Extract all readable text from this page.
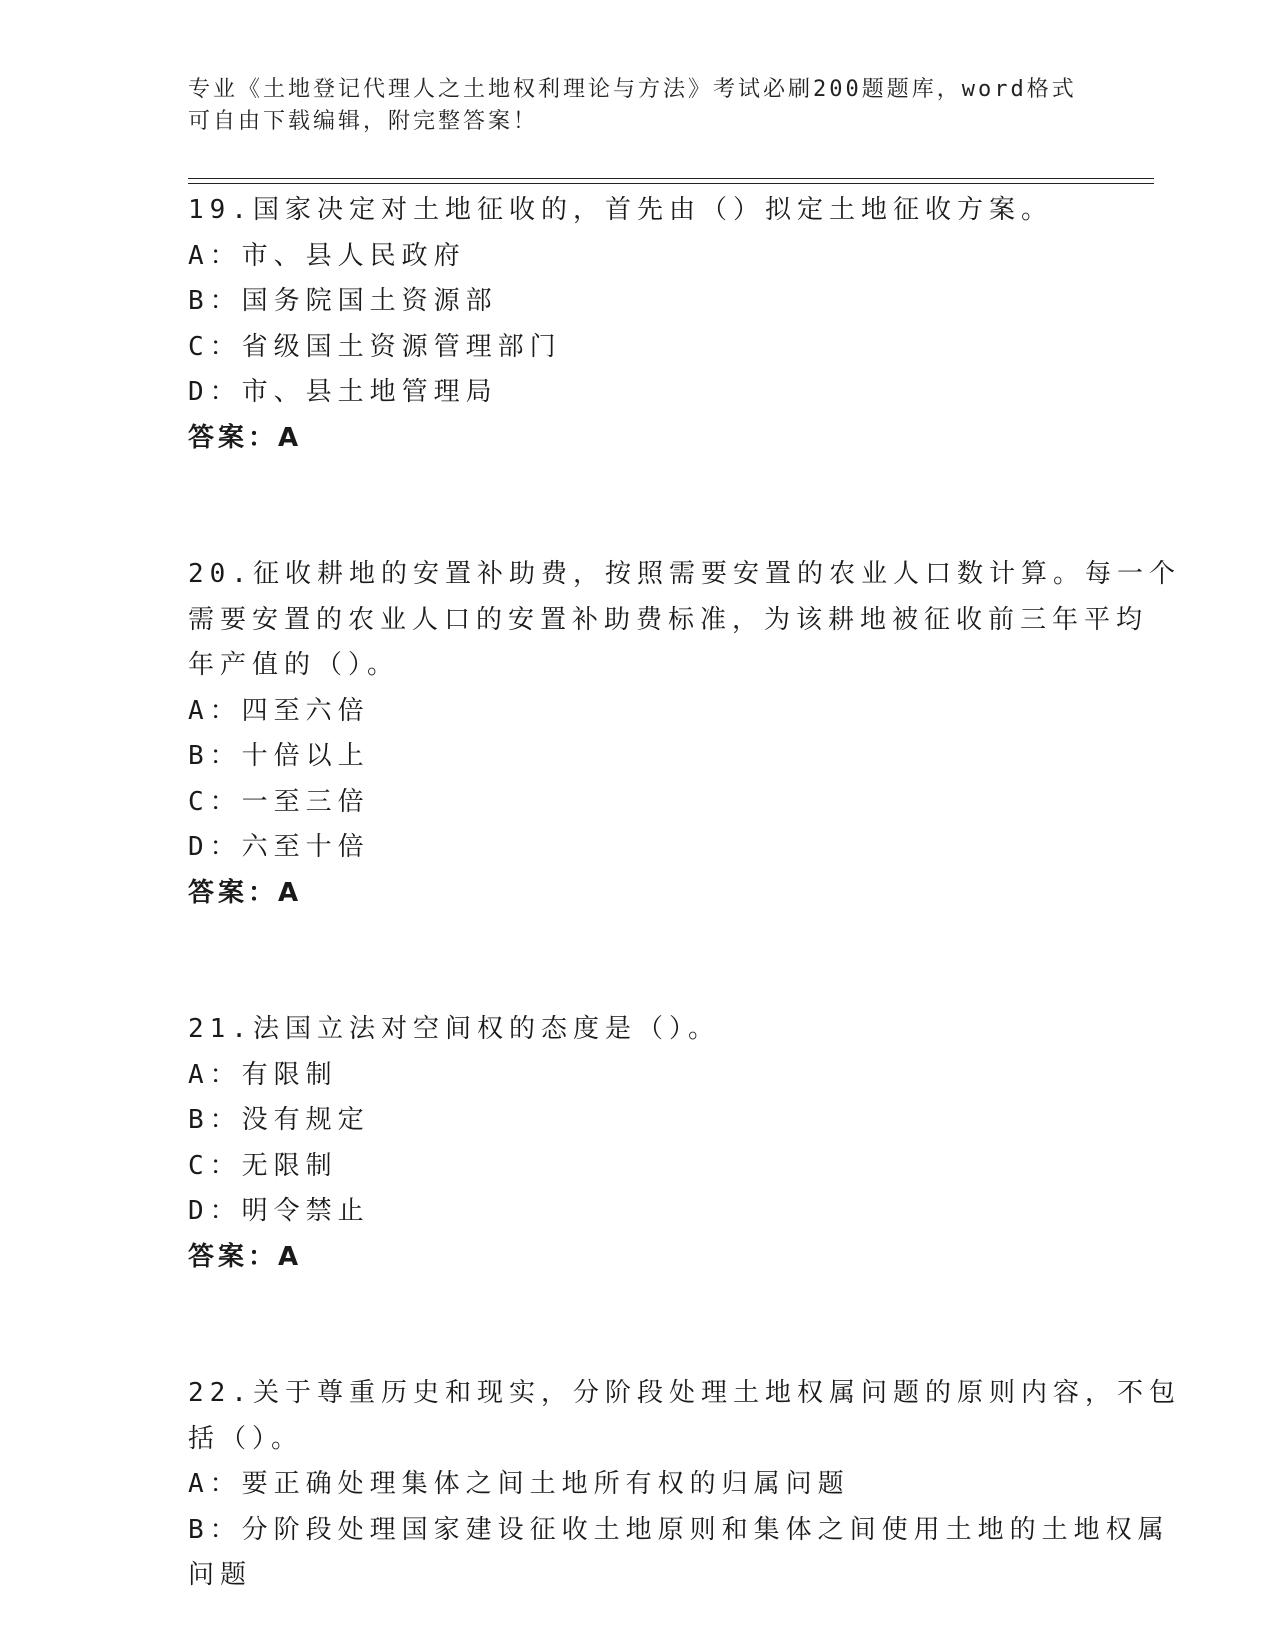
专业《土地登记代理人之土地权利理论与方法》考试必刷200题题库，word格式
可自由下载编辑，附完整答案！
19.国家决定对土地征收的，首先由（）拟定土地征收方案。
A：市、县人民政府
B：国务院国土资源部
C：省级国土资源管理部门
D：市、县土地管理局
答案：A
20.征收耕地的安置补助费，按照需要安置的农业人口数计算。每一个
需要安置的农业人口的安置补助费标准，为该耕地被征收前三年平均
年产值的（）。
A：四至六倍
B：十倍以上
C：一至三倍
D：六至十倍
答案：A
21.法国立法对空间权的态度是（）。
A：有限制
B：没有规定
C：无限制
D：明令禁止
答案：A
22.关于尊重历史和现实，分阶段处理土地权属问题的原则内容，不包
括（）。
A：要正确处理集体之间土地所有权的归属问题
B：分阶段处理国家建设征收土地原则和集体之间使用土地的土地权属
问题
